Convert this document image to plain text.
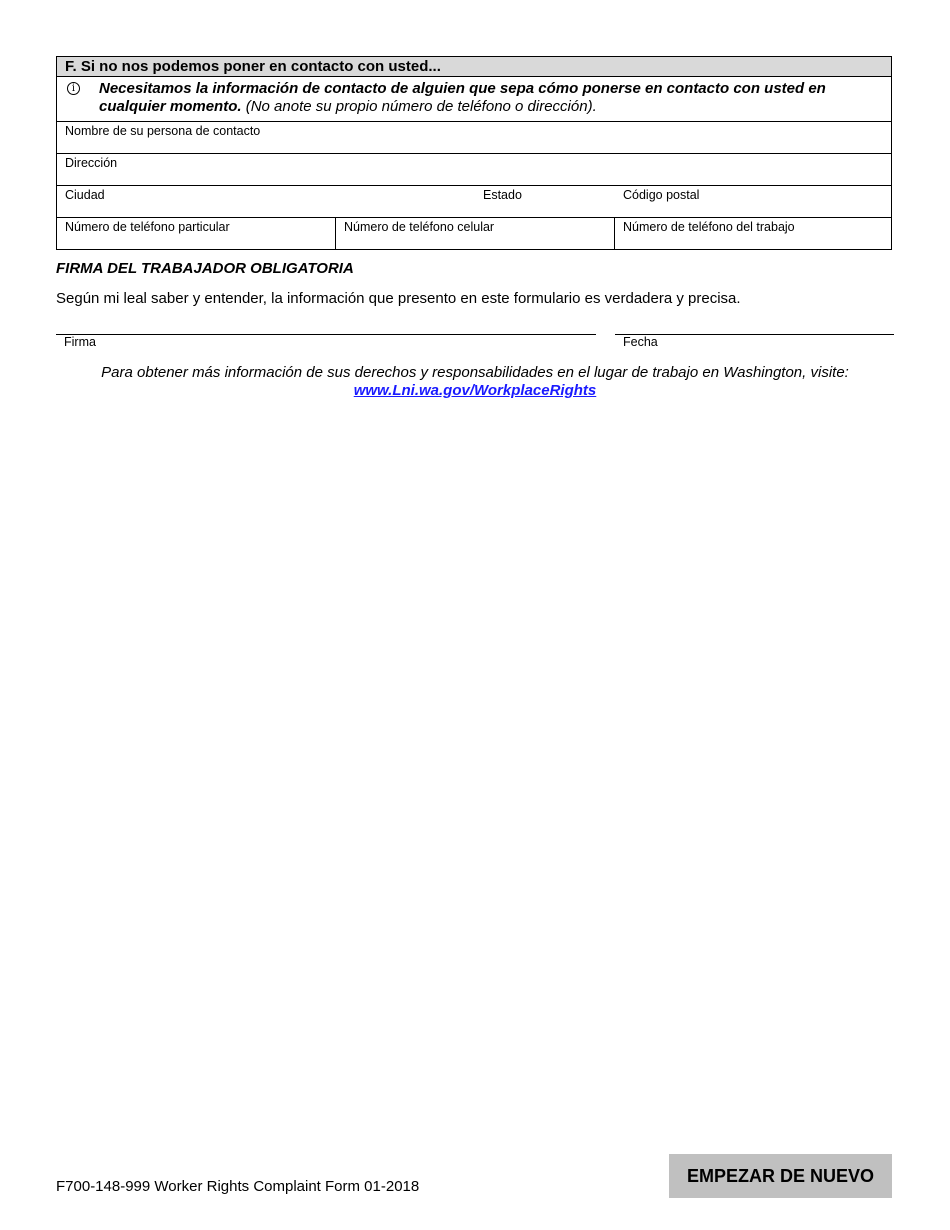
F. Si no nos podemos poner en contacto con usted...
i	Necesitamos la información de contacto de alguien que sepa cómo ponerse en contacto con usted en cualquier momento. (No anote su propio número de teléfono o dirección).
Nombre de su persona de contacto
Dirección
Ciudad	Estado	Código postal
Número de teléfono particular	Número de teléfono celular	Número de teléfono del trabajo
FIRMA DEL TRABAJADOR OBLIGATORIA
Según mi leal saber y entender, la información que presento en este formulario es verdadera y precisa.
Firma	Fecha
Para obtener más información de sus derechos y responsabilidades en el lugar de trabajo en Washington, visite:
www.Lni.wa.gov/WorkplaceRights
F700-148-999 Worker Rights Complaint Form 01-2018
EMPEZAR DE NUEVO
